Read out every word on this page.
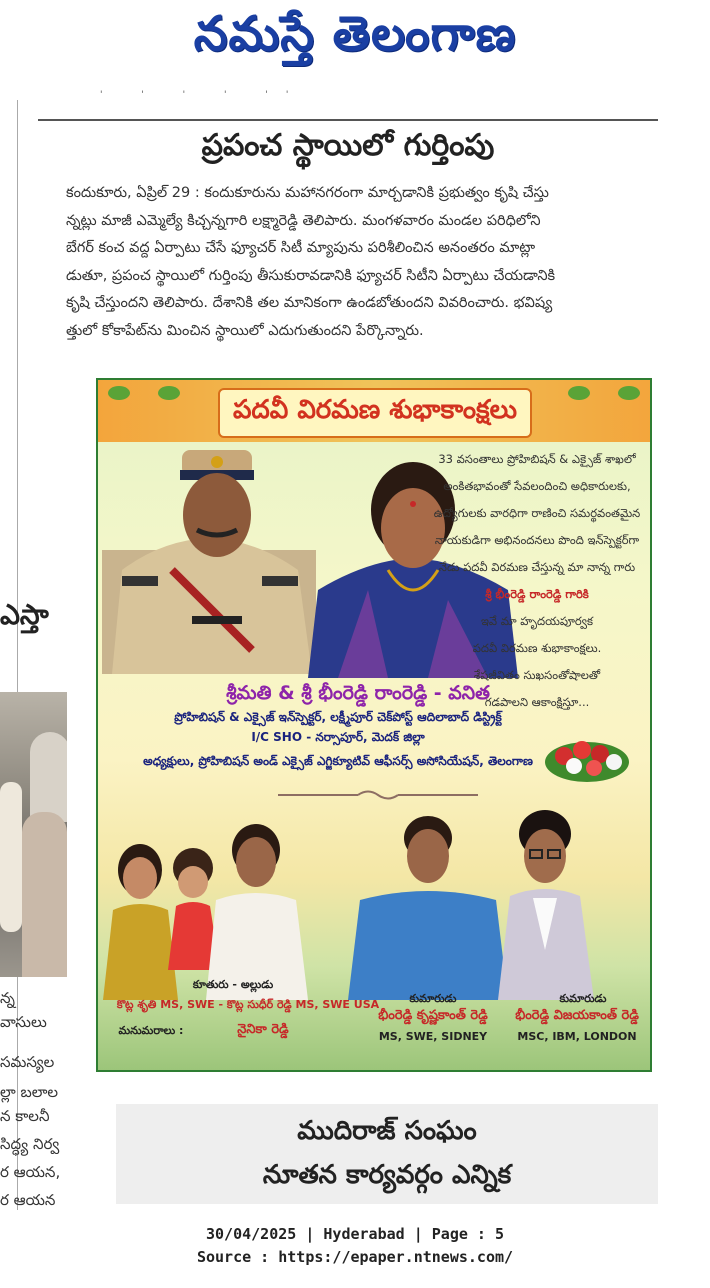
నమస్తే తెలంగాణ
' ' ' ' ''
ప్రపంచ స్థాయిలో గుర్తింపు
కందుకూరు, ఏప్రిల్ 29 : కందుకూరును మహానగరంగా మార్చడానికి ప్రభుత్వం కృషి చేస్తు
న్నట్లు మాజీ ఎమ్మెల్యే కిచ్చన్నగారి లక్ష్మారెడ్డి తెలిపారు. మంగళవారం మండల పరిధిలోని
బేగర్ కంచ వద్ద ఏర్పాటు చేసే ఫ్యూచర్ సిటీ మ్యాపును పరిశీలించిన అనంతరం మాట్లా
డుతూ, ప్రపంచ స్థాయిలో గుర్తింపు తీసుకురావడానికి ఫ్యూచర్ సిటీని ఏర్పాటు చేయడానికి
కృషి చేస్తుందని తెలిపారు. దేశానికి తల మానికంగా ఉండబోతుందని వివరించారు. భవిష్య
త్తులో కోకాపేట్‌ను మించిన స్థాయిలో ఎదుగుతుందని పేర్కొన్నారు.
ఎస్తా
న్న
వాసులు
సమస్యల
ల్లా బలాల
న కాలనీ
సిద్ధ్య నిర్వ
ర ఆయన,
ర ఆయన
పదవీ విరమణ శుభాకాంక్షలు
33 వసంతాలు ప్రోహిబిషన్ & ఎక్సైజ్ శాఖలో
అంకితభావంతో సేవలందించి అధికారులకు,
ఉద్యోగులకు వారధిగా రాణించి సమర్థవంతమైన
నాయకుడిగా అభినందనలు పొంది ఇన్‌స్పెక్టర్‌గా
నేడు పదవీ విరమణ చేస్తున్న మా నాన్న గారు
శ్రీ భీంరెడ్డి రాంరెడ్డి గారికి
ఇవే మా హృదయపూర్వక
పదవీ విరమణ శుభాకాంక్షలు.
శేషజీవితం సుఖసంతోషాలతో
గడపాలని ఆకాంక్షిస్తూ...
శ్రీమతి & శ్రీ భీంరెడ్డి రాంరెడ్డి - వనిత
ప్రోహిబిషన్ & ఎక్సైజ్ ఇన్‌స్పెక్టర్, లక్ష్మీపూర్ చెక్‌పోస్ట్ ఆదిలాబాద్ డిస్ట్రిక్ట్
I/C SHO - నర్సాపూర్, మెదక్ జిల్లా
అధ్యక్షులు, ప్రోహిబిషన్ అండ్ ఎక్సైజ్ ఎగ్జిక్యూటివ్ ఆఫీసర్స్ అసోసియేషన్, తెలంగాణ
కూతురు - అల్లుడు
కొట్ల శృతి MS, SWE - కొట్ల సుధీర్ రెడ్డి MS, SWE USA
మనుమరాలు :	నైనికా రెడ్డి
కుమారుడు
భీంరెడ్డి కృష్ణకాంత్ రెడ్డి
MS, SWE, SIDNEY
కుమారుడు
భీంరెడ్డి విజయకాంత్ రెడ్డి
MSC, IBM, LONDON
ముదిరాజ్ సంఘం
నూతన కార్యవర్గం ఎన్నిక
30/04/2025 | Hyderabad | Page : 5
Source : https://epaper.ntnews.com/
